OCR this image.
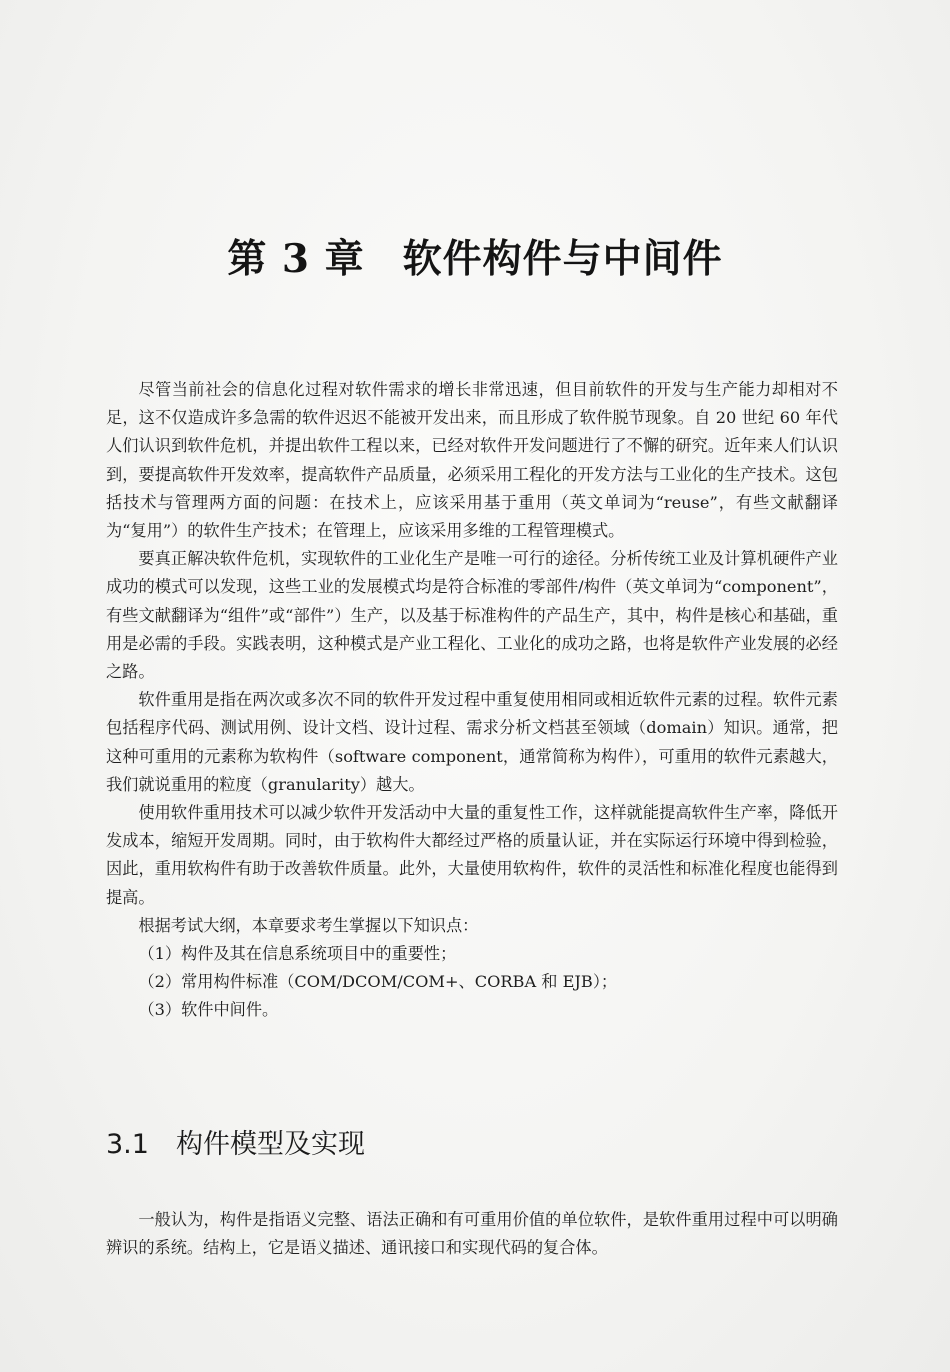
第 3 章 软件构件与中间件

尽管当前社会的信息化过程对软件需求的增长非常迅速，但目前软件的开发与生产能力却相对不足，这不仅造成许多急需的软件迟迟不能被开发出来，而且形成了软件脱节现象。自 20 世纪 60 年代人们认识到软件危机，并提出软件工程以来，已经对软件开发问题进行了不懈的研究。近年来人们认识到，要提高软件开发效率，提高软件产品质量，必须采用工程化的开发方法与工业化的生产技术。这包括技术与管理两方面的问题：在技术上，应该采用基于重用（英文单词为“reuse”，有些文献翻译为“复用”）的软件生产技术；在管理上，应该采用多维的工程管理模式。

要真正解决软件危机，实现软件的工业化生产是唯一可行的途径。分析传统工业及计算机硬件产业成功的模式可以发现，这些工业的发展模式均是符合标准的零部件/构件（英文单词为“component”，有些文献翻译为“组件”或“部件”）生产，以及基于标准构件的产品生产，其中，构件是核心和基础，重用是必需的手段。实践表明，这种模式是产业工程化、工业化的成功之路，也将是软件产业发展的必经之路。

软件重用是指在两次或多次不同的软件开发过程中重复使用相同或相近软件元素的过程。软件元素包括程序代码、测试用例、设计文档、设计过程、需求分析文档甚至领域（domain）知识。通常，把这种可重用的元素称为软构件（software component，通常简称为构件），可重用的软件元素越大，我们就说重用的粒度（granularity）越大。

使用软件重用技术可以减少软件开发活动中大量的重复性工作，这样就能提高软件生产率，降低开发成本，缩短开发周期。同时，由于软构件大都经过严格的质量认证，并在实际运行环境中得到检验，因此，重用软构件有助于改善软件质量。此外，大量使用软构件，软件的灵活性和标准化程度也能得到提高。

根据考试大纲，本章要求考生掌握以下知识点：

（1）构件及其在信息系统项目中的重要性；

（2）常用构件标准（COM/DCOM/COM+、CORBA 和 EJB）；

（3）软件中间件。

3.1 构件模型及实现

一般认为，构件是指语义完整、语法正确和有可重用价值的单位软件，是软件重用过程中可以明确辨识的系统。结构上，它是语义描述、通讯接口和实现代码的复合体。
